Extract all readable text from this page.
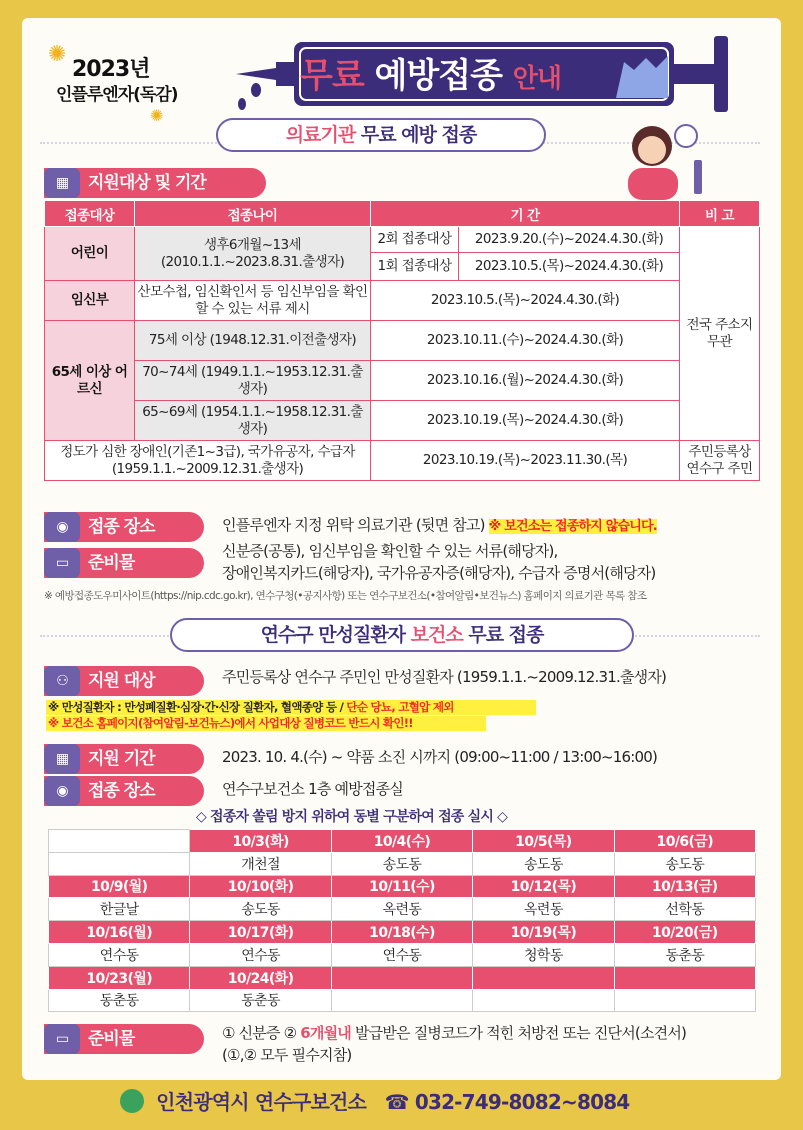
✺
✺
2023년
인플루엔자(독감)	무료 예방접종 안내
의료기관 무료 예방 접종
▦	지원대상 및 기간
접종대상	접종나이	기 간		비 고
어린이	생후6개월~13세 (2010.1.1.~2023.8.31.출생자)	2회 접종대상	2023.9.20.(수)~2024.4.30.(화)	전국 주소지 무관
		1회 접종대상	2023.10.5.(목)~2024.4.30.(화)	
임신부	산모수첩, 임신확인서 등 임신부임을 확인할 수 있는 서류 제시	2023.10.5.(목)~2024.4.30.(화)		
65세 이상 어르신	75세 이상 (1948.12.31.이전출생자)	2023.10.11.(수)~2024.4.30.(화)		
	70~74세 (1949.1.1.~1953.12.31.출생자)	2023.10.16.(월)~2024.4.30.(화)		
	65~69세 (1954.1.1.~1958.12.31.출생자)	2023.10.19.(목)~2024.4.30.(화)		
정도가 심한 장애인(기존1~3급), 국가유공자, 수급자 (1959.1.1.~2009.12.31.출생자)		2023.10.19.(목)~2023.11.30.(목)		주민등록상 연수구 주민
◉	접종 장소	인플루엔자 지정 위탁 의료기관 (뒷면 참고) ※ 보건소는 접종하지 않습니다.
▭	준비물
신분증(공통), 임신부임을 확인할 수 있는 서류(해당자),
장애인복지카드(해당자), 국가유공자증(해당자), 수급자 증명서(해당자)
※ 예방접종도우미사이트(https://nip.cdc.go.kr), 연수구청(•공지사항) 또는 연수구보건소(•참여알림•보건뉴스) 홈페이지 의료기관 목록 참조
연수구 만성질환자 보건소 무료 접종
⚇	지원 대상	주민등록상 연수구 주민인 만성질환자 (1959.1.1.~2009.12.31.출생자)
※ 만성질환자 : 만성폐질환·심장·간·신장 질환자, 혈액종양 등 / 단순 당뇨, 고혈압 제외
※ 보건소 홈페이지(참여알림-보건뉴스)에서 사업대상 질병코드 반드시 확인!!
▦	지원 기간	2023. 10. 4.(수) ~ 약품 소진 시까지 (09:00~11:00 / 13:00~16:00)
◉	접종 장소	연수구보건소 1층 예방접종실
◇ 접종자 쏠림 방지 위하여 동별 구분하여 접종 실시 ◇
	10/3(화)	10/4(수)	10/5(목)	10/6(금)
	개천절	송도동	송도동	송도동
10/9(월)	10/10(화)	10/11(수)	10/12(목)	10/13(금)
한글날	송도동	옥련동	옥련동	선학동
10/16(월)	10/17(화)	10/18(수)	10/19(목)	10/20(금)
연수동	연수동	연수동	청학동	동춘동
10/23(월)	10/24(화)			
동춘동	동춘동			
▭	준비물	① 신분증 ② 6개월내 발급받은 질병코드가 적힌 처방전 또는 진단서(소견서)
(①,② 모두 필수지참)
인천광역시 연수구보건소 ☎ 032-749-8082~8084
